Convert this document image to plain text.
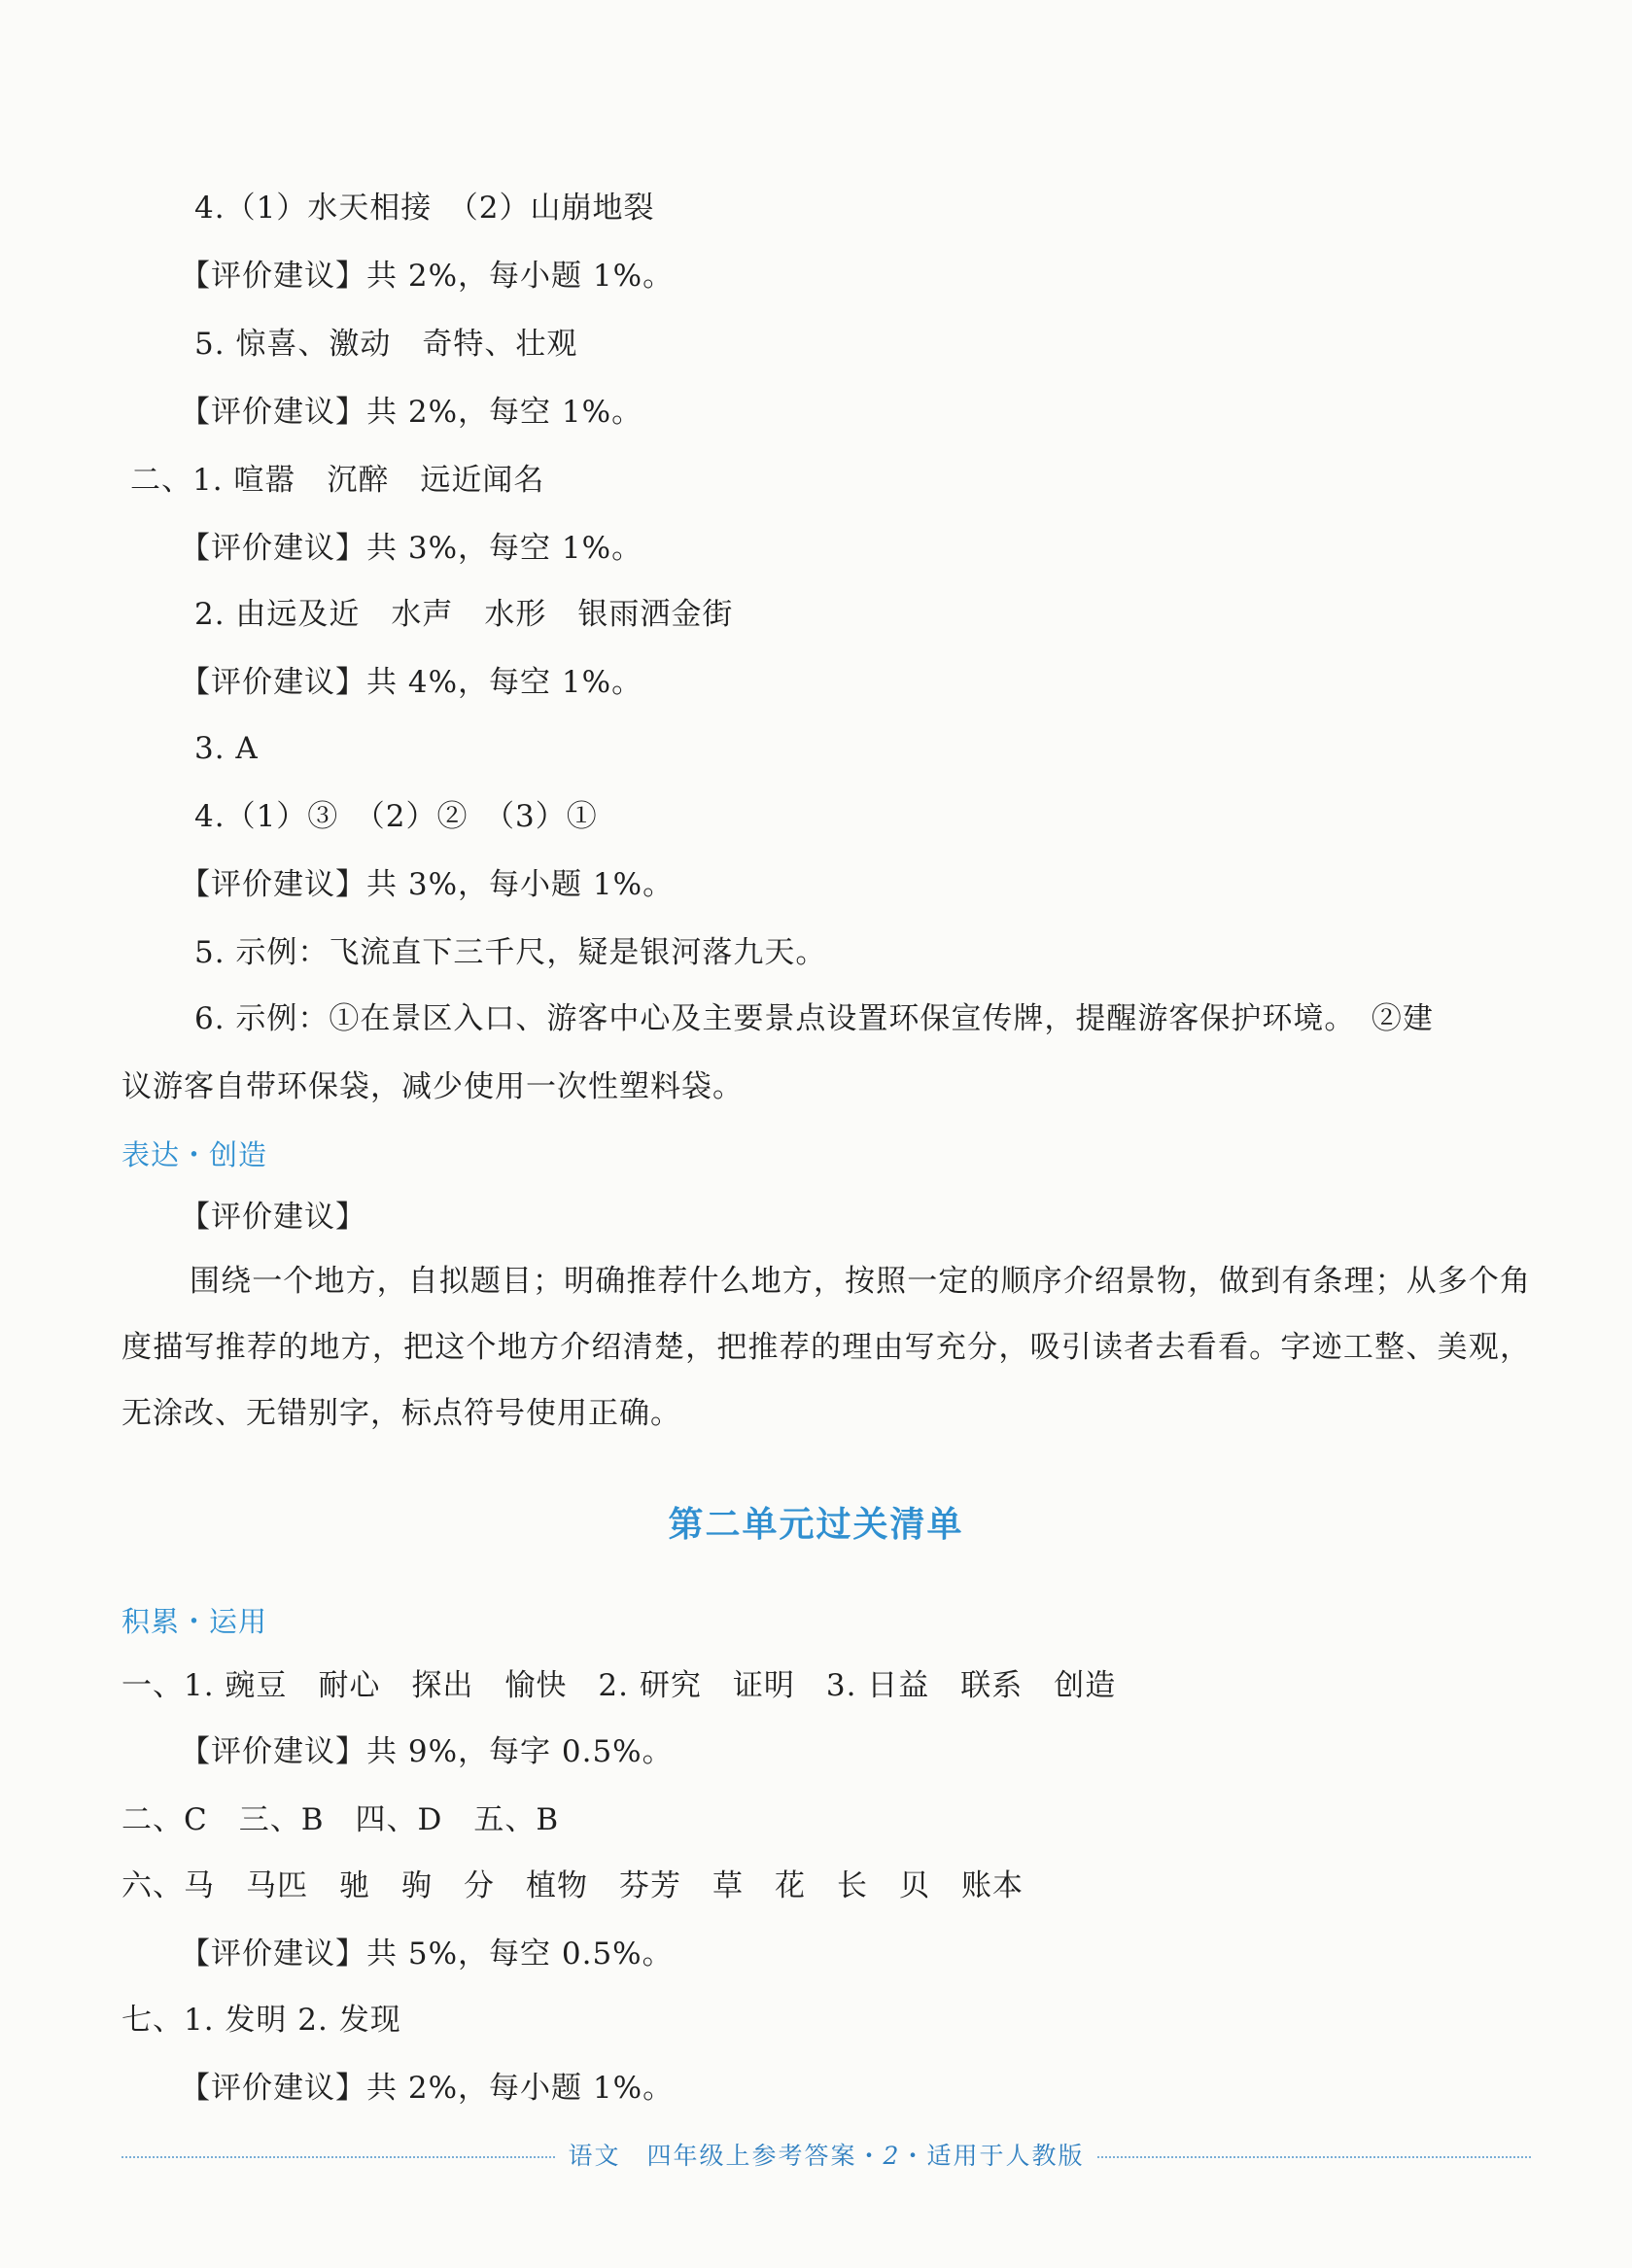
4.（1）水天相接　（2）山崩地裂
【评价建议】共 2%，每小题 1%。
5. 惊喜、激动　奇特、壮观
【评价建议】共 2%，每空 1%。
二、1. 喧嚣　沉醉　远近闻名
【评价建议】共 3%，每空 1%。
2. 由远及近　水声　水形　银雨洒金街
【评价建议】共 4%，每空 1%。
3. A
4.（1）③　（2）②　（3）①
【评价建议】共 3%，每小题 1%。
5. 示例：飞流直下三千尺，疑是银河落九天。
6. 示例：①在景区入口、游客中心及主要景点设置环保宣传牌，提醒游客保护环境。　②建
议游客自带环保袋，减少使用一次性塑料袋。
表达・创造
【评价建议】
围绕一个地方，自拟题目；明确推荐什么地方，按照一定的顺序介绍景物，做到有条理；从多个角度描写推荐的地方，把这个地方介绍清楚，把推荐的理由写充分，吸引读者去看看。字迹工整、美观，无涂改、无错别字，标点符号使用正确。
第二单元过关清单
积累・运用
一、1. 豌豆　耐心　探出　愉快　2. 研究　证明　3. 日益　联系　创造
【评价建议】共 9%，每字 0.5%。
二、C　三、B　四、D　五、B
六、马　马匹　驰　驹　分　植物　芬芳　草　花　长　贝　账本
【评价建议】共 5%，每空 0.5%。
七、1. 发明 2. 发现
【评价建议】共 2%，每小题 1%。
语文　四年级上参考答案・2・适用于人教版
